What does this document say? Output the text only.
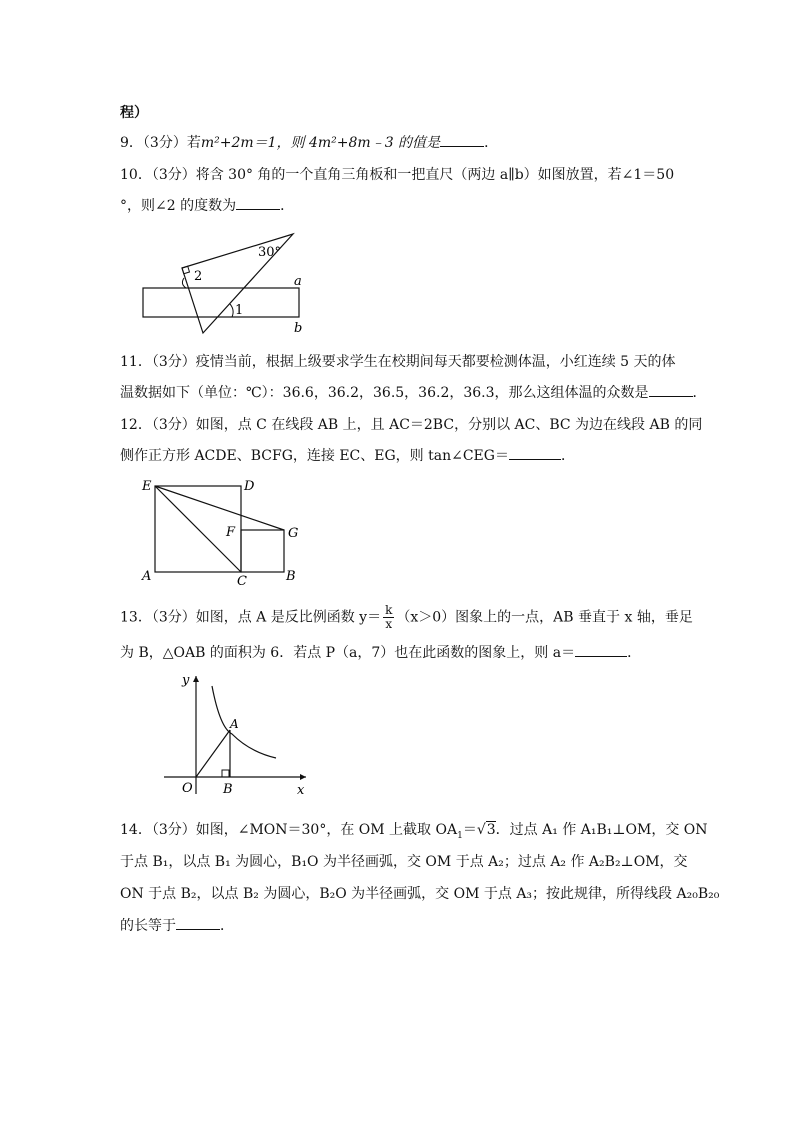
程）
9．（3分）若m²+2m＝1，则 4m²+8m﹣3 的值是	．
10．（3分）将含 30° 角的一个直角三角板和一把直尺（两边 a∥b）如图放置，若∠1＝50
°，则∠2 的度数为	．
30°
2
1
a
b
11．（3分）疫情当前，根据上级要求学生在校期间每天都要检测体温，小红连续 5 天的体
温数据如下（单位：℃）：36.6，36.2，36.5，36.2，36.3，那么这组体温的众数是	．
12．（3分）如图，点 C 在线段 AB 上，且 AC＝2BC，分别以 AC、BC 为边在线段 AB 的同
侧作正方形 ACDE、BCFG，连接 EC、EG，则 tan∠CEG＝	．
E	D
F	G
A	C	B
13．（3分）如图，点 A 是反比例函数 $y= \frac{k}{x} (x>0)$图象上的一点，AB 垂直于 x 轴，垂足
为 B，△OAB 的面积为 6．若点 P（a，7）也在此函数的图象上，则 a＝	．
y
x
O
A
B
14．（3分）如图，∠MON＝30°，在 OM 上截取 $OA_1=√3$．过点 A₁ 作 A₁B₁⊥OM，交 ON
于点 B₁，以点 B₁ 为圆心，B₁O 为半径画弧，交 OM 于点 A₂；过点 A₂ 作 A₂B₂⊥OM，交
ON 于点 B₂，以点 B₂ 为圆心，B₂O 为半径画弧，交 OM 于点 A₃；按此规律，所得线段 A₂₀B₂₀
的长等于	．
